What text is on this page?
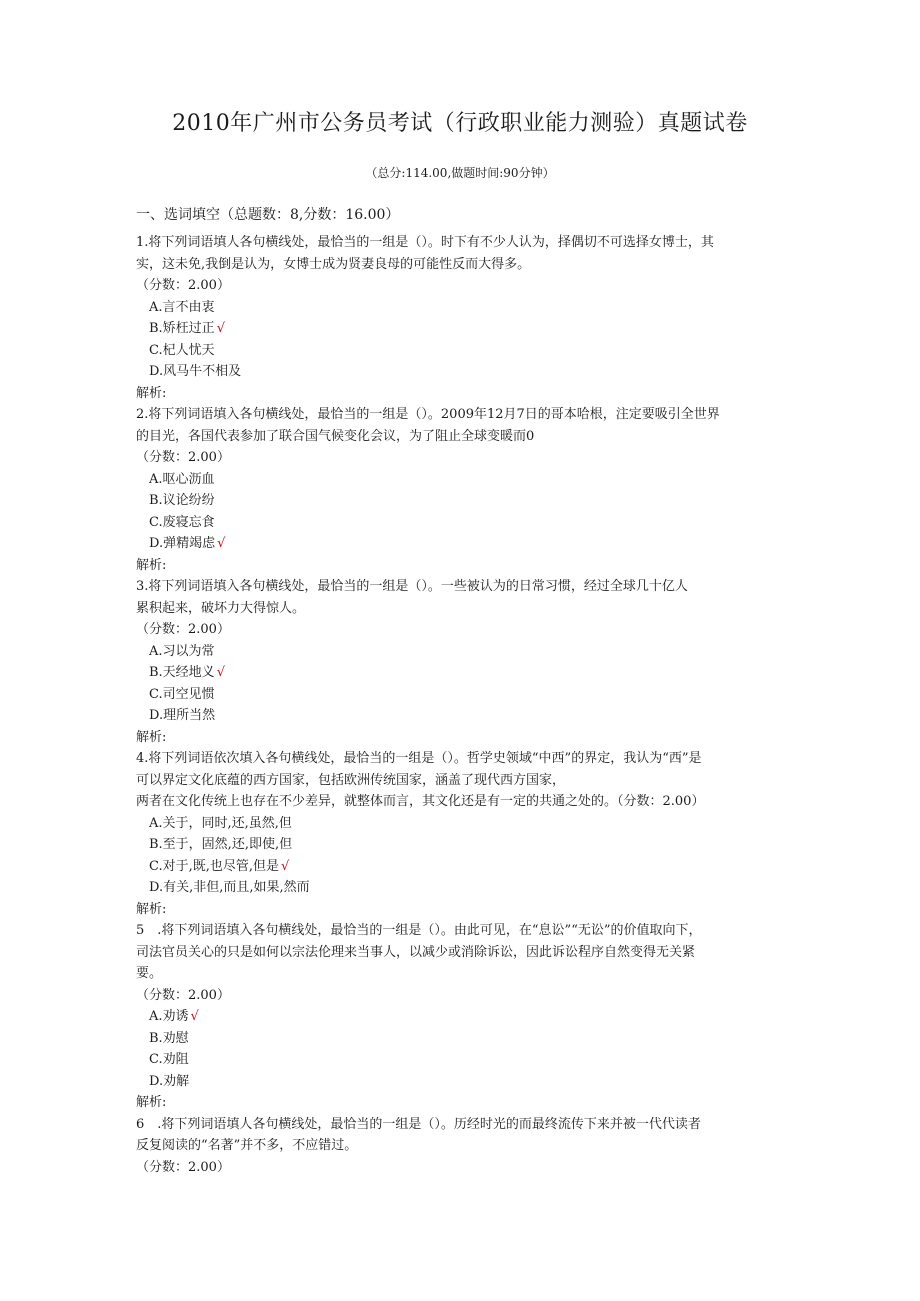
2010年广州市公务员考试（行政职业能力测验）真题试卷
（总分:114.00,做题时间:90分钟）
一、选词填空（总题数：8,分数：16.00）
1.将下列词语填人各句横线处，最恰当的一组是（）。时下有不少人认为，择偶切不可选择女博士，其
实，这未免,我倒是认为，女博士成为贤妻良母的可能性反而大得多。
（分数：2.00）
A.言不由衷
B.矫枉过正 √
C.杞人忧天
D.风马牛不相及
解析:
2.将下列词语填入各句横线处，最恰当的一组是（）。2009年12月7日的哥本哈根，注定要吸引全世界
的目光，各国代表参加了联合国气候变化会议，为了阻止全球变暖而0
（分数：2.00）
A.呕心沥血
B.议论纷纷
C.废寝忘食
D.弹精竭虑 √
解析:
3.将下列词语填入各句横线处，最恰当的一组是（）。一些被认为的日常习惯，经过全球几十亿人
累积起来，破坏力大得惊人。
（分数：2.00）
A.习以为常
B.天经地义 √
C.司空见惯
D.理所当然
解析:
4.将下列词语依次填入各句横线处，最恰当的一组是（）。哲学史领域“中西”的界定，我认为“西”是
可以界定文化底蕴的西方国家，包括欧洲传统国家，涵盖了现代西方国家，
两者在文化传统上也存在不少差异，就整体而言，其文化还是有一定的共通之处的。（分数：2.00）
A.关于，同时,还,虽然,但
B.至于，固然,还,即使,但
C.对于,既,也尽管,但是 √
D.有关,非但,而且,如果,然而
解析:
5　.将下列词语填入各句横线处，最恰当的一组是（）。由此可见，在“息讼”“无讼”的价值取向下，
司法官员关心的只是如何以宗法伦理来当事人，以减少或消除诉讼，因此诉讼程序自然变得无关紧
要。
（分数：2.00）
A.劝诱 √
B.劝慰
C.劝阻
D.劝解
解析:
6　.将下列词语填人各句横线处，最恰当的一组是（）。历经时光的而最终流传下来并被一代代读者
反复阅读的“名著”并不多，不应错过。
（分数：2.00）
